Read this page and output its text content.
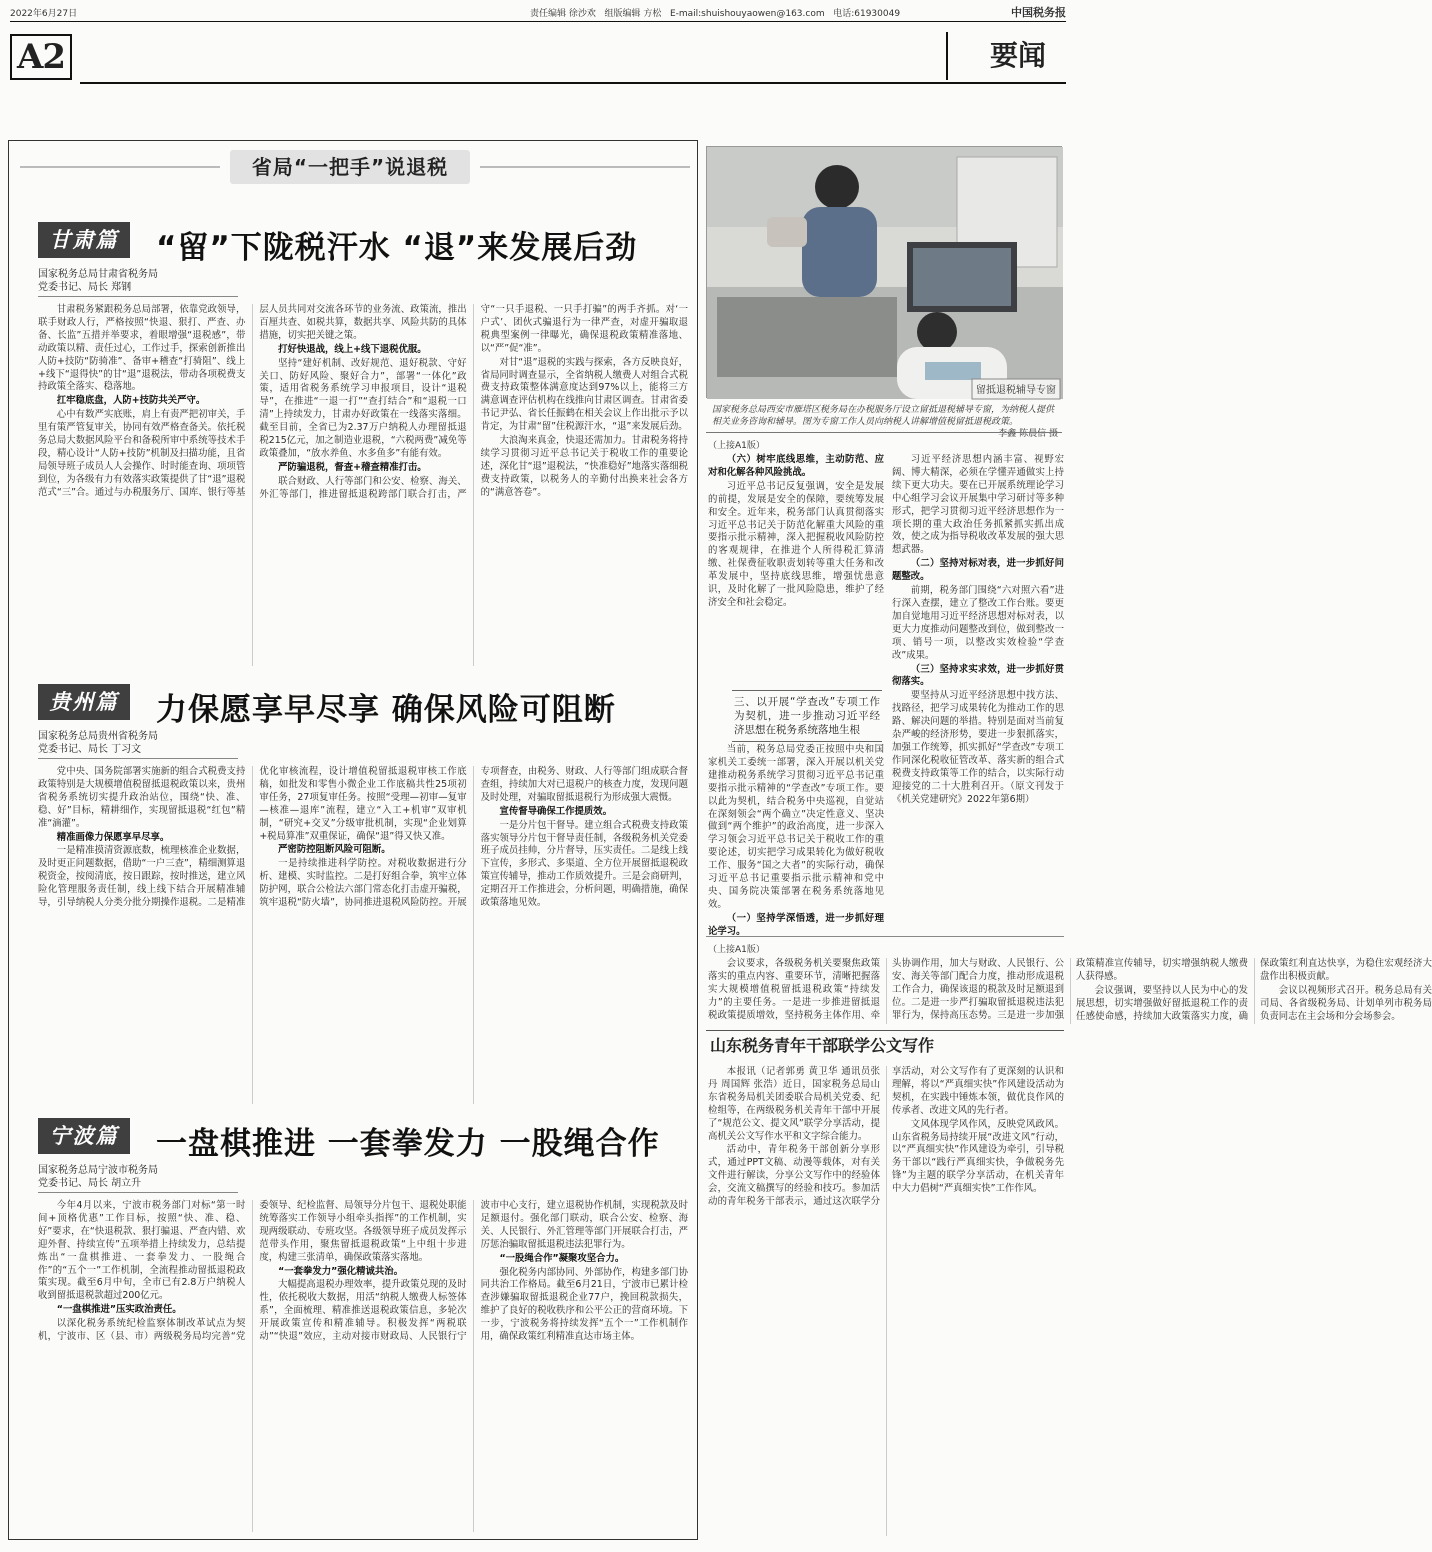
2022年6月27日	责任编辑 徐沙欢 组版编辑 方松 E-mail:shuishouyaowen@163.com 电话:61930049	中国税务报
A2	要闻
省局“一把手”说退税
甘肃篇	“留”下陇税汗水 “退”来发展后劲
国家税务总局甘肃省税务局
党委书记、局长 郑钢

甘肃税务紧跟税务总局部署，依靠党政领导，联手财政人行，严格按照“快退、狠打、严查、办备、长监”五措并举要求，着眼增强“退税感”，带动政策以精、责任过心，工作过手，探索创新推出人防+技防“防骑准”、备审+稽查“打骑阻”、线上+线下“退得快”的甘“退”退税法，带动各项税费支持政策全落实、稳落地。

扛牢稳底盘，人防+技防共关严守。

心中有数严实底账，肩上有责严把初审关，手里有策严管复审关，协同有效严格查备关。依托税务总局大数据风险平台和备税所审中系统等技术手段，精心设计“人防+技防”机制及扫描功能，且省局领导班子成员人人会操作、时时能查询、项项管到位，为各级有力有效落实政策提供了甘“退”退税范式“三”合。通过与办税服务厅、国库、银行等基层人员共同对交流各环节的业务流、政策流，推出百厘共查、如税共算，数据共享、风险共防的具体措施，切实把关键之策。

打好快退战，线上+线下退税优服。

坚持“建好机制、改好规范、退好税款、守好关口、防好风险、聚好合力”，部署“一体化”政策，适用省税务系统学习申报项目，设计“退税导”，在推进“一退一打”“查打结合”和“退税一口清”上持续发力，甘肃办好政策在一线落实落细。截至目前，全省已为2.37万户纳税人办理留抵退税215亿元，加之制造业退税，“六税两费”减免等政策叠加，“放水养鱼、水多鱼多”有能有效。

严防骗退税，督查+稽查精准打击。

联合财政、人行等部门和公安、检察、海关、外汇等部门，推进留抵退税跨部门联合打击，严守“一只手退税、一只手打骗”的两手齐抓。对‘一户式’、团伙式骗退行为一律严查，对虚开骗取退税典型案例一律曝光，确保退税政策精准落地、以“严”促“准”。

对甘“退”退税的实践与探索，各方反映良好，省局同时调查显示，全省纳税人缴费人对组合式税费支持政策整体满意度达到97%以上，能将三方满意调查评估机构在线推向甘肃区调查。甘肃省委书记尹弘、省长任振鹤在相关会议上作出批示予以肯定，为甘肃“留”住税源汗水，“退”来发展后劲。

大浪淘来真金，快退还需加力。甘肃税务将持续学习贯彻习近平总书记关于税收工作的重要论述，深化甘“退”退税法，“快准稳好”地落实落细税费支持政策，以税务人的辛勤付出换来社会各方的“满意答卷”。

贵州篇	力保愿享早尽享 确保风险可阻断
国家税务总局贵州省税务局
党委书记、局长 丁习文

党中央、国务院部署实施新的组合式税费支持政策特别是大规模增值税留抵退税政策以来，贵州省税务系统切实提升政治站位，围绕“快、准、稳、好”目标，精耕细作，实现留抵退税“红包”精准“滴灌”。

精准画像力保愿享早尽享。

一是精准摸清资源底数，梳理核准企业数据，及时更正问题数据，借助“一户三查”，精细测算退税资金，按阅清底，按日跟踪，按时推送，建立风险化管理服务责任制，线上线下结合开展精准辅导，引导纳税人分类分批分期操作退税。二是精准优化审核流程，设计增值税留抵退税审核工作底稿，如批发和零售小微企业工作底稿共性25项初审任务，27项复审任务。按照“受理—初审—复审—核准—退库”流程，建立“入工+机审”双审机制，“研究+交叉”分级审批机制，实现“企业划算+税局算准”双重保证，确保“退”得又快又准。

严密防控阻断风险可阻断。

一是持续推进科学防控。对税收数据进行分析、建模、实时监控。二是打好组合拳，筑牢立体防护网，联合公检法六部门常态化打击虚开骗税，筑牢退税“防火墙”，协同推进退税风险防控。开展专项督查，由税务、财政、人行等部门组成联合督查组，持续加大对已退税户的核查力度，发现问题及时处理，对骗取留抵退税行为形成强大震慑。

宣传督导确保工作提质效。

一是分片包干督导。建立组合式税费支持政策落实领导分片包干督导责任制，各级税务机关党委班子成员挂帅，分片督导，压实责任。二是线上线下宣传，多形式、多渠道、全方位开展留抵退税政策宣传辅导，推动工作质效提升。三是会商研判，定期召开工作推进会，分析问题，明确措施，确保政策落地见效。

宁波篇	一盘棋推进 一套拳发力 一股绳合作
国家税务总局宁波市税务局
党委书记、局长 胡立升

今年4月以来，宁波市税务部门对标“第一时间+顶格优惠”工作目标，按照“快、准、稳、好”要求，在“快退税款、狠打骗退、严查内错、欢迎外督、持续宣传”五项举措上持续发力，总结提炼出“一盘棋推进、一套拳发力、一股绳合作”的“五个一”工作机制，全流程推动留抵退税政策实现。截至6月中旬，全市已有2.8万户纳税人收到留抵退税款超过200亿元。

“一盘棋推进”压实政治责任。

以深化税务系统纪检监察体制改革试点为契机，宁波市、区（县、市）两级税务局均完善“党委领导、纪检监督、局领导分片包干、退税处职能统筹落实工作领导小组牵头指挥”的工作机制，实现两级联动、专班攻坚。各级领导班子成员发挥示范带头作用，聚焦留抵退税政策“上中组十步进度，构建三张清单，确保政策落实落地。

“一套拳发力”强化精诚共治。

大幅提高退税办理效率，提升政策兑现的及时性，依托税收大数据，用活“纳税人缴费人标签体系”，全面梳理、精准推送退税政策信息，多轮次开展政策宣传和精准辅导。积极发挥“两税联动”“快退”效应，主动对接市财政局、人民银行宁波市中心支行，建立退税协作机制，实现税款及时足额退付。强化部门联动，联合公安、检察、海关、人民银行、外汇管理等部门开展联合打击，严厉惩治骗取留抵退税违法犯罪行为。

“一股绳合作”凝聚攻坚合力。

强化税务内部协同、外部协作，构建多部门协同共治工作格局。截至6月21日，宁波市已累计检查涉嫌骗取留抵退税企业77户，挽回税款损失，维护了良好的税收秩序和公平公正的营商环境。下一步，宁波税务将持续发挥“五个一”工作机制作用，确保政策红利精准直达市场主体。

留抵退税辅导专窗
国家税务总局西安市雁塔区税务局在办税服务厅设立留抵退税辅导专窗，为纳税人提供相关业务咨询和辅导。图为专窗工作人员向纳税人讲解增值税留抵退税政策。
李鑫 陈晨信 摄
（上接A1版）

（六）树牢底线思维，主动防范、应对和化解各种风险挑战。

习近平总书记反复强调，安全是发展的前提，发展是安全的保障，要统筹发展和安全。近年来，税务部门认真贯彻落实习近平总书记关于防范化解重大风险的重要指示批示精神，深入把握税收风险防控的客观规律，在推进个人所得税汇算清缴、社保费征收职责划转等重大任务和改革发展中，坚持底线思维，增强忧患意识，及时化解了一批风险隐患，维护了经济安全和社会稳定。

三、以开展“学查改”专项工作为契机，进一步推动习近平经济思想在税务系统落地生根

当前，税务总局党委正按照中央和国家机关工委统一部署，深入开展以机关党建推动税务系统学习贯彻习近平总书记重要指示批示精神的“学查改”专项工作。要以此为契机，结合税务中央巡视，自觉站在深刻领会“两个确立”决定性意义、坚决做到“两个维护”的政治高度，进一步深入学习领会习近平总书记关于税收工作的重要论述，切实把学习成果转化为做好税收工作、服务“国之大者”的实际行动，确保习近平总书记重要指示批示精神和党中央、国务院决策部署在税务系统落地见效。

（一）坚持学深悟透，进一步抓好理论学习。

习近平经济思想内涵丰富、视野宏阔、博大精深，必须在学懂弄通做实上持续下更大功夫。要在已开展系统理论学习中心组学习会议开展集中学习研讨等多种形式，把学习贯彻习近平经济思想作为一项长期的重大政治任务抓紧抓实抓出成效，使之成为指导税收改革发展的强大思想武器。

（二）坚持对标对表，进一步抓好问题整改。

前期，税务部门围绕“六对照六看”进行深入查摆，建立了整改工作台账。要更加自觉地用习近平经济思想对标对表，以更大力度推动问题整改到位，做到整改一项、销号一项，以整改实效检验“学查改”成果。

（三）坚持求实求效，进一步抓好贯彻落实。

要坚持从习近平经济思想中找方法、找路径，把学习成果转化为推动工作的思路、解决问题的举措。特别是面对当前复杂严峻的经济形势，要进一步狠抓落实，加强工作统筹，抓实抓好“学查改”专项工作同深化税收征管改革、落实新的组合式税费支持政策等工作的结合，以实际行动迎接党的二十大胜利召开。（原文刊发于《机关党建研究》2022年第6期）

（上接A1版）

会议要求，各级税务机关要聚焦政策落实的重点内容、重要环节，清晰把握落实大规模增值税留抵退税政策“持续发力”的主要任务。一是进一步推进留抵退税政策提质增效，坚持税务主体作用、牵头协调作用，加大与财政、人民银行、公安、海关等部门配合力度，推动形成退税工作合力，确保该退的税款及时足额退到位。二是进一步严打骗取留抵退税违法犯罪行为，保持高压态势。三是进一步加强政策精准宣传辅导，切实增强纳税人缴费人获得感。

会议强调，要坚持以人民为中心的发展思想，切实增强做好留抵退税工作的责任感使命感，持续加大政策落实力度，确保政策红利直达快享，为稳住宏观经济大盘作出积极贡献。

会议以视频形式召开。税务总局有关司局、各省级税务局、计划单列市税务局负责同志在主会场和分会场参会。

山东税务青年干部联学公文写作

本报讯（记者郭勇 黄卫华 通讯员张丹 周国辉 张浩）近日，国家税务总局山东省税务局机关团委联合局机关党委、纪检组等，在两级税务机关青年干部中开展了“规范公文、提文风”联学分享活动，提高机关公文写作水平和文字综合能力。

活动中，青年税务干部创新分享形式，通过PPT文稿、动漫等载体，对有关文件进行解读，分享公文写作中的经验体会，交流文稿撰写的经验和技巧。参加活动的青年税务干部表示，通过这次联学分享活动，对公文写作有了更深刻的认识和理解，将以“严真细实快”作风建设活动为契机，在实践中锤炼本领，做优良作风的传承者、改进文风的先行者。

文风体现学风作风，反映党风政风。山东省税务局持续开展“改进文风”行动，以“严真细实快”作风建设为牵引，引导税务干部以“践行严真细实快，争做税务先锋”为主题的联学分享活动，在机关青年中大力倡树“严真细实快”工作作风。
